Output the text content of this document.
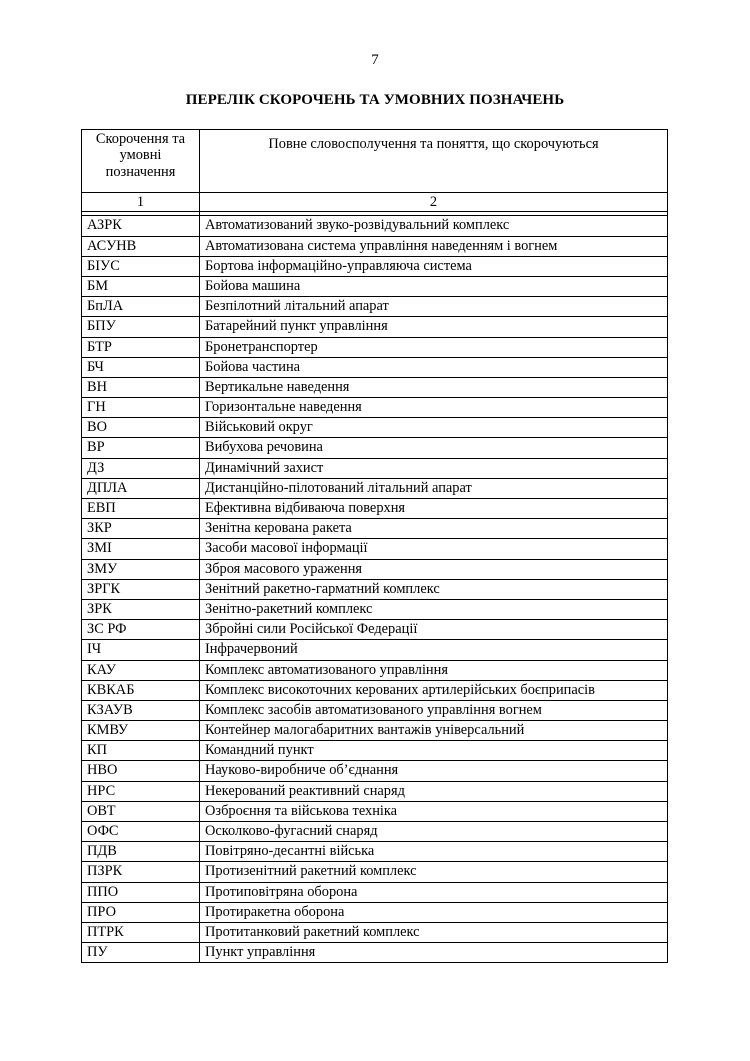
7
ПЕРЕЛІК СКОРОЧЕНЬ ТА УМОВНИХ ПОЗНАЧЕНЬ
Скорочення та умовні позначення	Повне словосполучення та поняття, що скорочуються
1	2

АЗРК	Автоматизований звуко-розвідувальний комплекс
АСУНВ	Автоматизована система управління наведенням і вогнем
БІУС	Бортова інформаційно-управляюча система
БМ	Бойова машина
БпЛА	Безпілотний літальний апарат
БПУ	Батарейний пункт управління
БТР	Бронетранспортер
БЧ	Бойова частина
ВН	Вертикальне наведення
ГН	Горизонтальне наведення
ВО	Військовий округ
ВР	Вибухова речовина
ДЗ	Динамічний захист
ДПЛА	Дистанційно-пілотований літальний апарат
ЕВП	Ефективна відбиваюча поверхня
ЗКР	Зенітна керована ракета
ЗМІ	Засоби масової інформації
ЗМУ	Зброя масового ураження
ЗРГК	Зенітний ракетно-гарматний комплекс
ЗРК	Зенітно-ракетний комплекс
ЗС РФ	Збройні сили Російської Федерації
ІЧ	Інфрачервоний
КАУ	Комплекс автоматизованого управління
КВКАБ	Комплекс високоточних керованих артилерійських боєприпасів
КЗАУВ	Комплекс засобів автоматизованого управління вогнем
КМВУ	Контейнер малогабаритних вантажів універсальний
КП	Командний пункт
НВО	Науково-виробниче об’єднання
НРС	Некерований реактивний снаряд
ОВТ	Озброєння та військова техніка
ОФС	Осколково-фугасний снаряд
ПДВ	Повітряно-десантні війська
ПЗРК	Протизенітний ракетний комплекс
ППО	Протиповітряна оборона
ПРО	Протиракетна оборона
ПТРК	Протитанковий ракетний комплекс
ПУ	Пункт управління
